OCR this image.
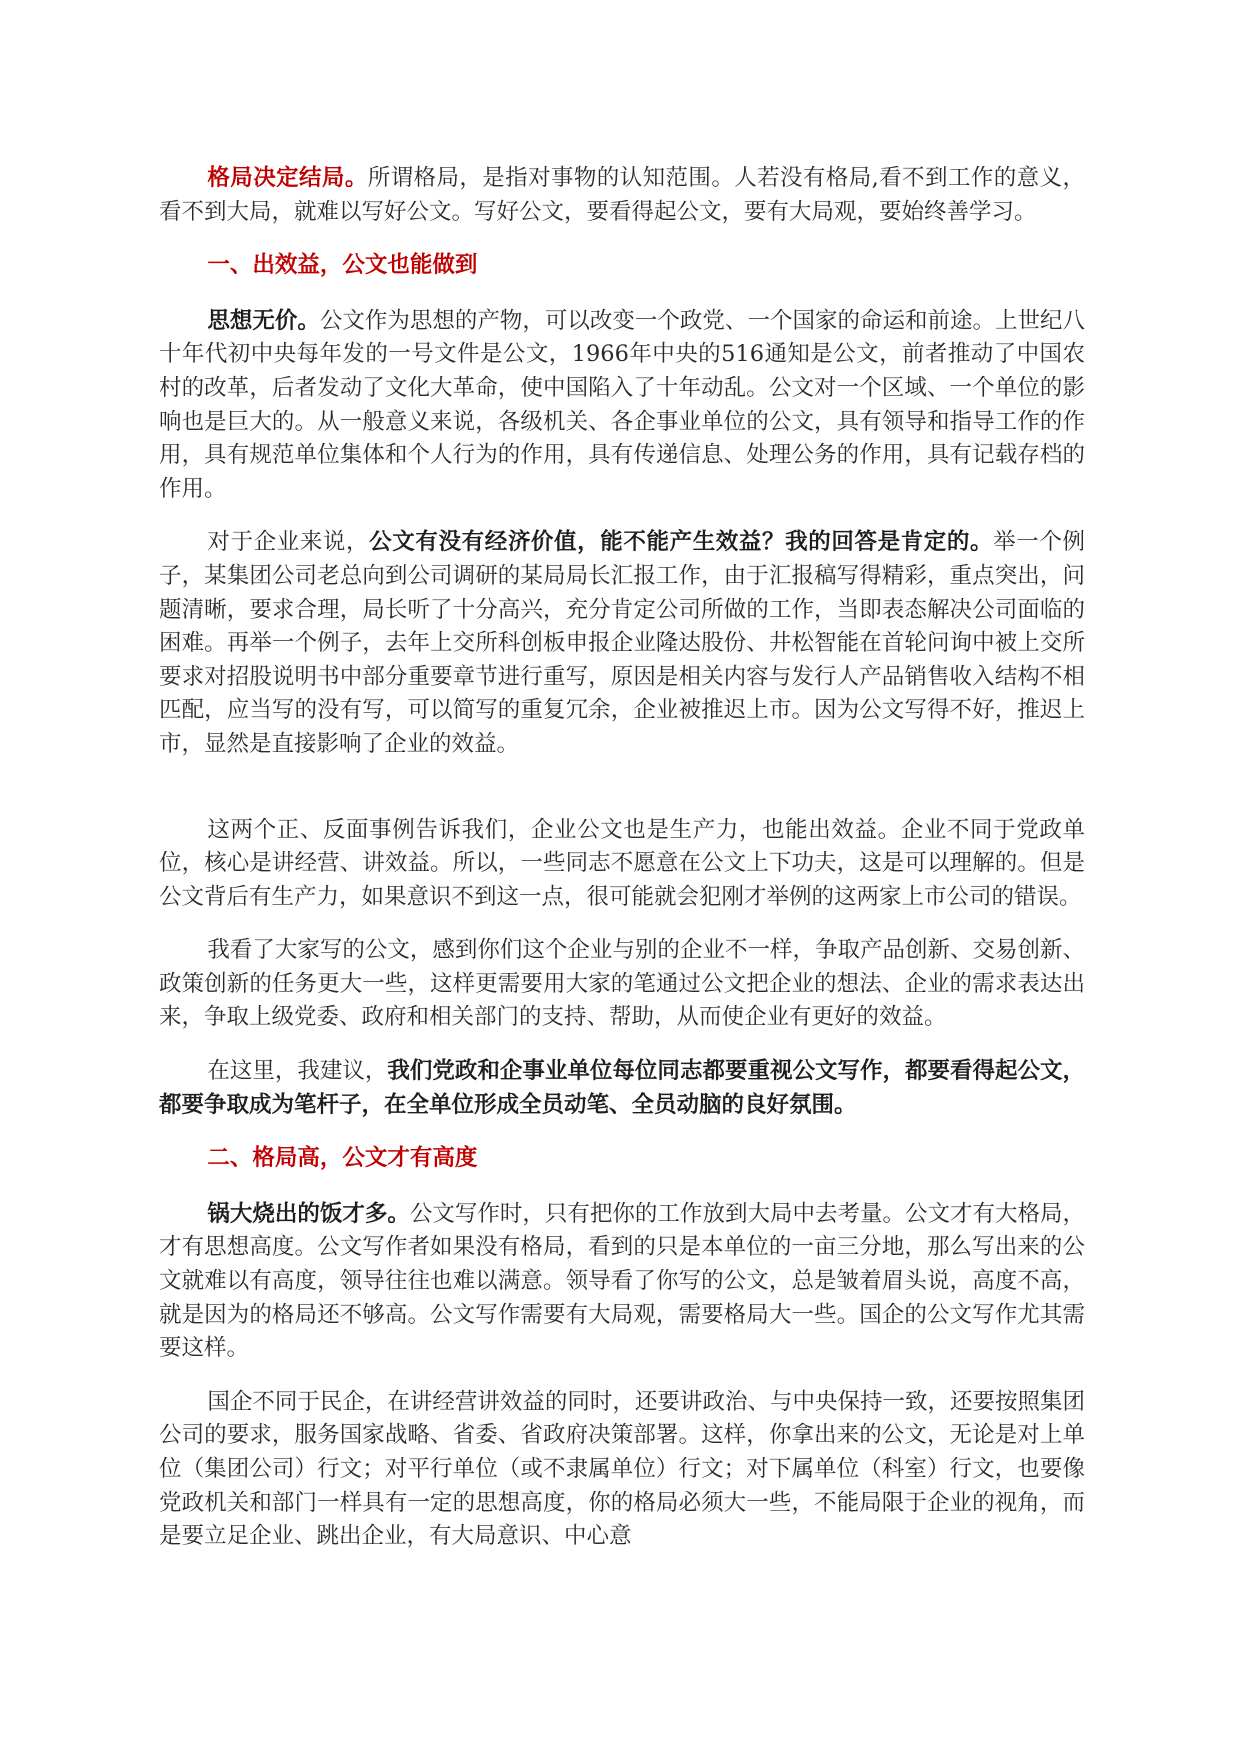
格局决定结局。所谓格局，是指对事物的认知范围。人若没有格局,看不到工作的意义，看不到大局，就难以写好公文。写好公文，要看得起公文，要有大局观，要始终善学习。

一、出效益，公文也能做到

思想无价。公文作为思想的产物，可以改变一个政党、一个国家的命运和前途。上世纪八十年代初中央每年发的一号文件是公文，1966年中央的516通知是公文，前者推动了中国农村的改革，后者发动了文化大革命，使中国陷入了十年动乱。公文对一个区域、一个单位的影响也是巨大的。从一般意义来说，各级机关、各企事业单位的公文，具有领导和指导工作的作用，具有规范单位集体和个人行为的作用，具有传递信息、处理公务的作用，具有记载存档的作用。

对于企业来说，公文有没有经济价值，能不能产生效益？我的回答是肯定的。举一个例子，某集团公司老总向到公司调研的某局局长汇报工作，由于汇报稿写得精彩，重点突出，问题清晰，要求合理，局长听了十分高兴，充分肯定公司所做的工作，当即表态解决公司面临的困难。再举一个例子，去年上交所科创板申报企业隆达股份、井松智能在首轮问询中被上交所要求对招股说明书中部分重要章节进行重写，原因是相关内容与发行人产品销售收入结构不相匹配，应当写的没有写，可以简写的重复冗余，企业被推迟上市。因为公文写得不好，推迟上市，显然是直接影响了企业的效益。

这两个正、反面事例告诉我们，企业公文也是生产力，也能出效益。企业不同于党政单位，核心是讲经营、讲效益。所以，一些同志不愿意在公文上下功夫，这是可以理解的。但是公文背后有生产力，如果意识不到这一点，很可能就会犯刚才举例的这两家上市公司的错误。

我看了大家写的公文，感到你们这个企业与别的企业不一样，争取产品创新、交易创新、政策创新的任务更大一些，这样更需要用大家的笔通过公文把企业的想法、企业的需求表达出来，争取上级党委、政府和相关部门的支持、帮助，从而使企业有更好的效益。

在这里，我建议，我们党政和企事业单位每位同志都要重视公文写作，都要看得起公文，都要争取成为笔杆子，在全单位形成全员动笔、全员动脑的良好氛围。

二、格局高，公文才有高度

锅大烧出的饭才多。公文写作时，只有把你的工作放到大局中去考量。公文才有大格局，才有思想高度。公文写作者如果没有格局，看到的只是本单位的一亩三分地，那么写出来的公文就难以有高度，领导往往也难以满意。领导看了你写的公文，总是皱着眉头说，高度不高，就是因为的格局还不够高。公文写作需要有大局观，需要格局大一些。国企的公文写作尤其需要这样。

国企不同于民企，在讲经营讲效益的同时，还要讲政治、与中央保持一致，还要按照集团公司的要求，服务国家战略、省委、省政府决策部署。这样，你拿出来的公文，无论是对上单位（集团公司）行文；对平行单位（或不隶属单位）行文；对下属单位（科室）行文，也要像党政机关和部门一样具有一定的思想高度，你的格局必须大一些，不能局限于企业的视角，而是要立足企业、跳出企业，有大局意识、中心意
